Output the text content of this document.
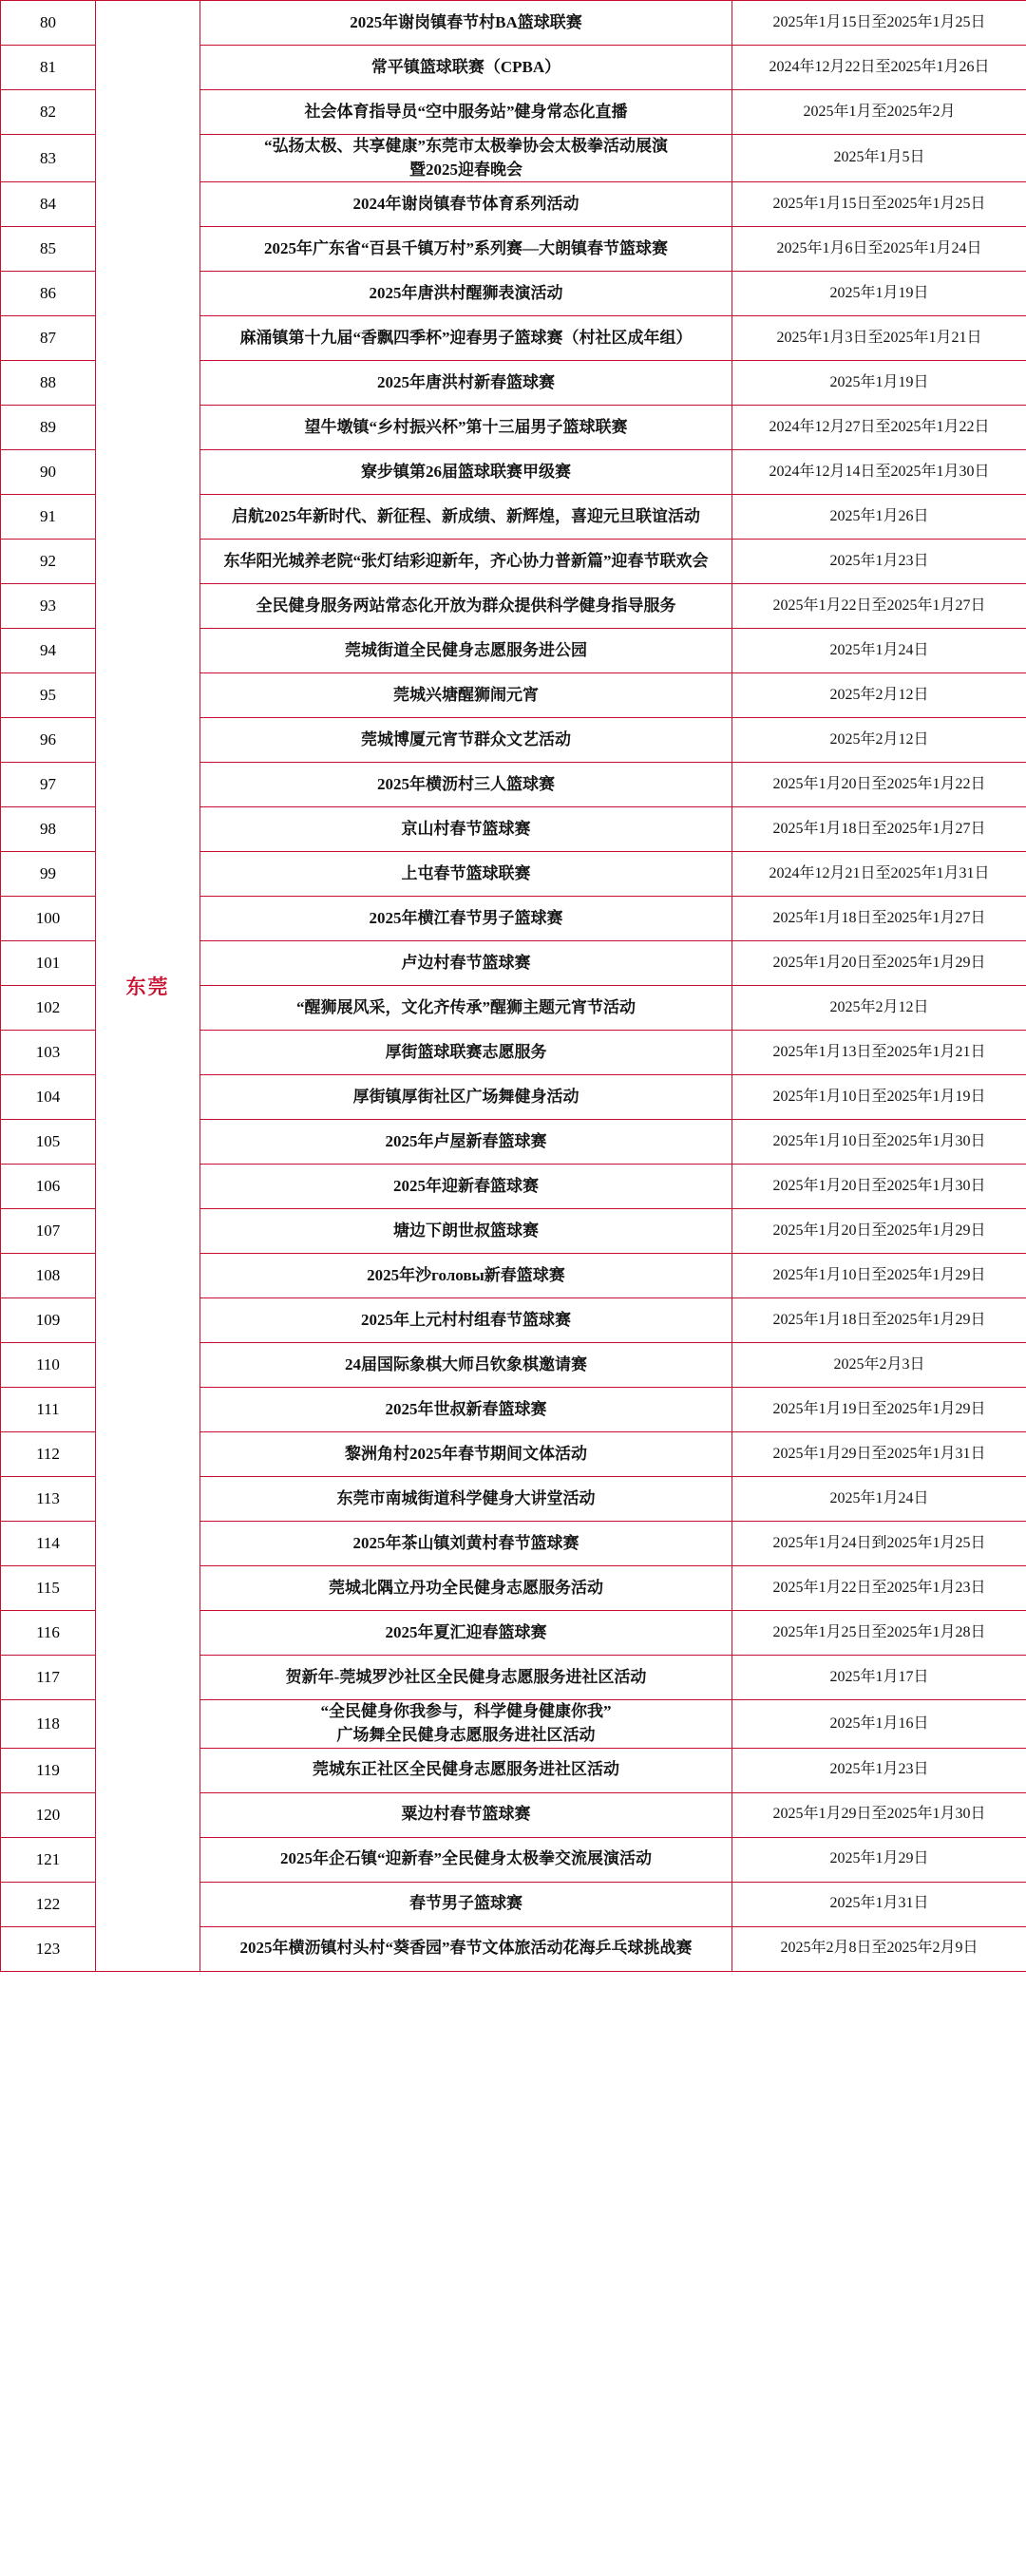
80	东莞	2025年谢岗镇春节村BA篮球联赛	2025年1月15日至2025年1月25日
81		常平镇篮球联赛（CPBA）	2024年12月22日至2025年1月26日
82		社会体育指导员“空中服务站”健身常态化直播	2025年1月至2025年2月
83		“弘扬太极、共享健康”东莞市太极拳协会太极拳活动展演
暨2025迎春晚会	2025年1月5日
84		2024年谢岗镇春节体育系列活动	2025年1月15日至2025年1月25日
85		2025年广东省“百县千镇万村”系列赛—大朗镇春节篮球赛	2025年1月6日至2025年1月24日
86		2025年唐洪村醒狮表演活动	2025年1月19日
87		麻涌镇第十九届“香飘四季杯”迎春男子篮球赛（村社区成年组）	2025年1月3日至2025年1月21日
88		2025年唐洪村新春篮球赛	2025年1月19日
89		望牛墩镇“乡村振兴杯”第十三届男子篮球联赛	2024年12月27日至2025年1月22日
90		寮步镇第26届篮球联赛甲级赛	2024年12月14日至2025年1月30日
91		启航2025年新时代、新征程、新成绩、新辉煌，喜迎元旦联谊活动	2025年1月26日
92		东华阳光城养老院“张灯结彩迎新年，齐心协力普新篇”迎春节联欢会	2025年1月23日
93		全民健身服务两站常态化开放为群众提供科学健身指导服务	2025年1月22日至2025年1月27日
94		莞城街道全民健身志愿服务进公园	2025年1月24日
95		莞城兴塘醒狮闹元宵	2025年2月12日
96		莞城博厦元宵节群众文艺活动	2025年2月12日
97		2025年横沥村三人篮球赛	2025年1月20日至2025年1月22日
98		京山村春节篮球赛	2025年1月18日至2025年1月27日
99		上屯春节篮球联赛	2024年12月21日至2025年1月31日
100		2025年横江春节男子篮球赛	2025年1月18日至2025年1月27日
101		卢边村春节篮球赛	2025年1月20日至2025年1月29日
102		“醒狮展风采，文化齐传承”醒狮主题元宵节活动	2025年2月12日
103		厚街篮球联赛志愿服务	2025年1月13日至2025年1月21日
104		厚街镇厚街社区广场舞健身活动	2025年1月10日至2025年1月19日
105		2025年卢屋新春篮球赛	2025年1月10日至2025年1月30日
106		2025年迎新春篮球赛	2025年1月20日至2025年1月30日
107		塘边下朗世叔篮球赛	2025年1月20日至2025年1月29日
108		2025年沙головы新春篮球赛	2025年1月10日至2025年1月29日
109		2025年上元村村组春节篮球赛	2025年1月18日至2025年1月29日
110		24届国际象棋大师吕钦象棋邀请赛	2025年2月3日
111		2025年世叔新春篮球赛	2025年1月19日至2025年1月29日
112		黎洲角村2025年春节期间文体活动	2025年1月29日至2025年1月31日
113		东莞市南城街道科学健身大讲堂活动	2025年1月24日
114		2025年茶山镇刘黄村春节篮球赛	2025年1月24日到2025年1月25日
115		莞城北隅立丹功全民健身志愿服务活动	2025年1月22日至2025年1月23日
116		2025年夏汇迎春篮球赛	2025年1月25日至2025年1月28日
117		贺新年-莞城罗沙社区全民健身志愿服务进社区活动	2025年1月17日
118		“全民健身你我参与，科学健身健康你我”
广场舞全民健身志愿服务进社区活动	2025年1月16日
119		莞城东正社区全民健身志愿服务进社区活动	2025年1月23日
120		粟边村春节篮球赛	2025年1月29日至2025年1月30日
121		2025年企石镇“迎新春”全民健身太极拳交流展演活动	2025年1月29日
122		春节男子篮球赛	2025年1月31日
123		2025年横沥镇村头村“葵香园”春节文体旅活动花海乒乓球挑战赛	2025年2月8日至2025年2月9日
